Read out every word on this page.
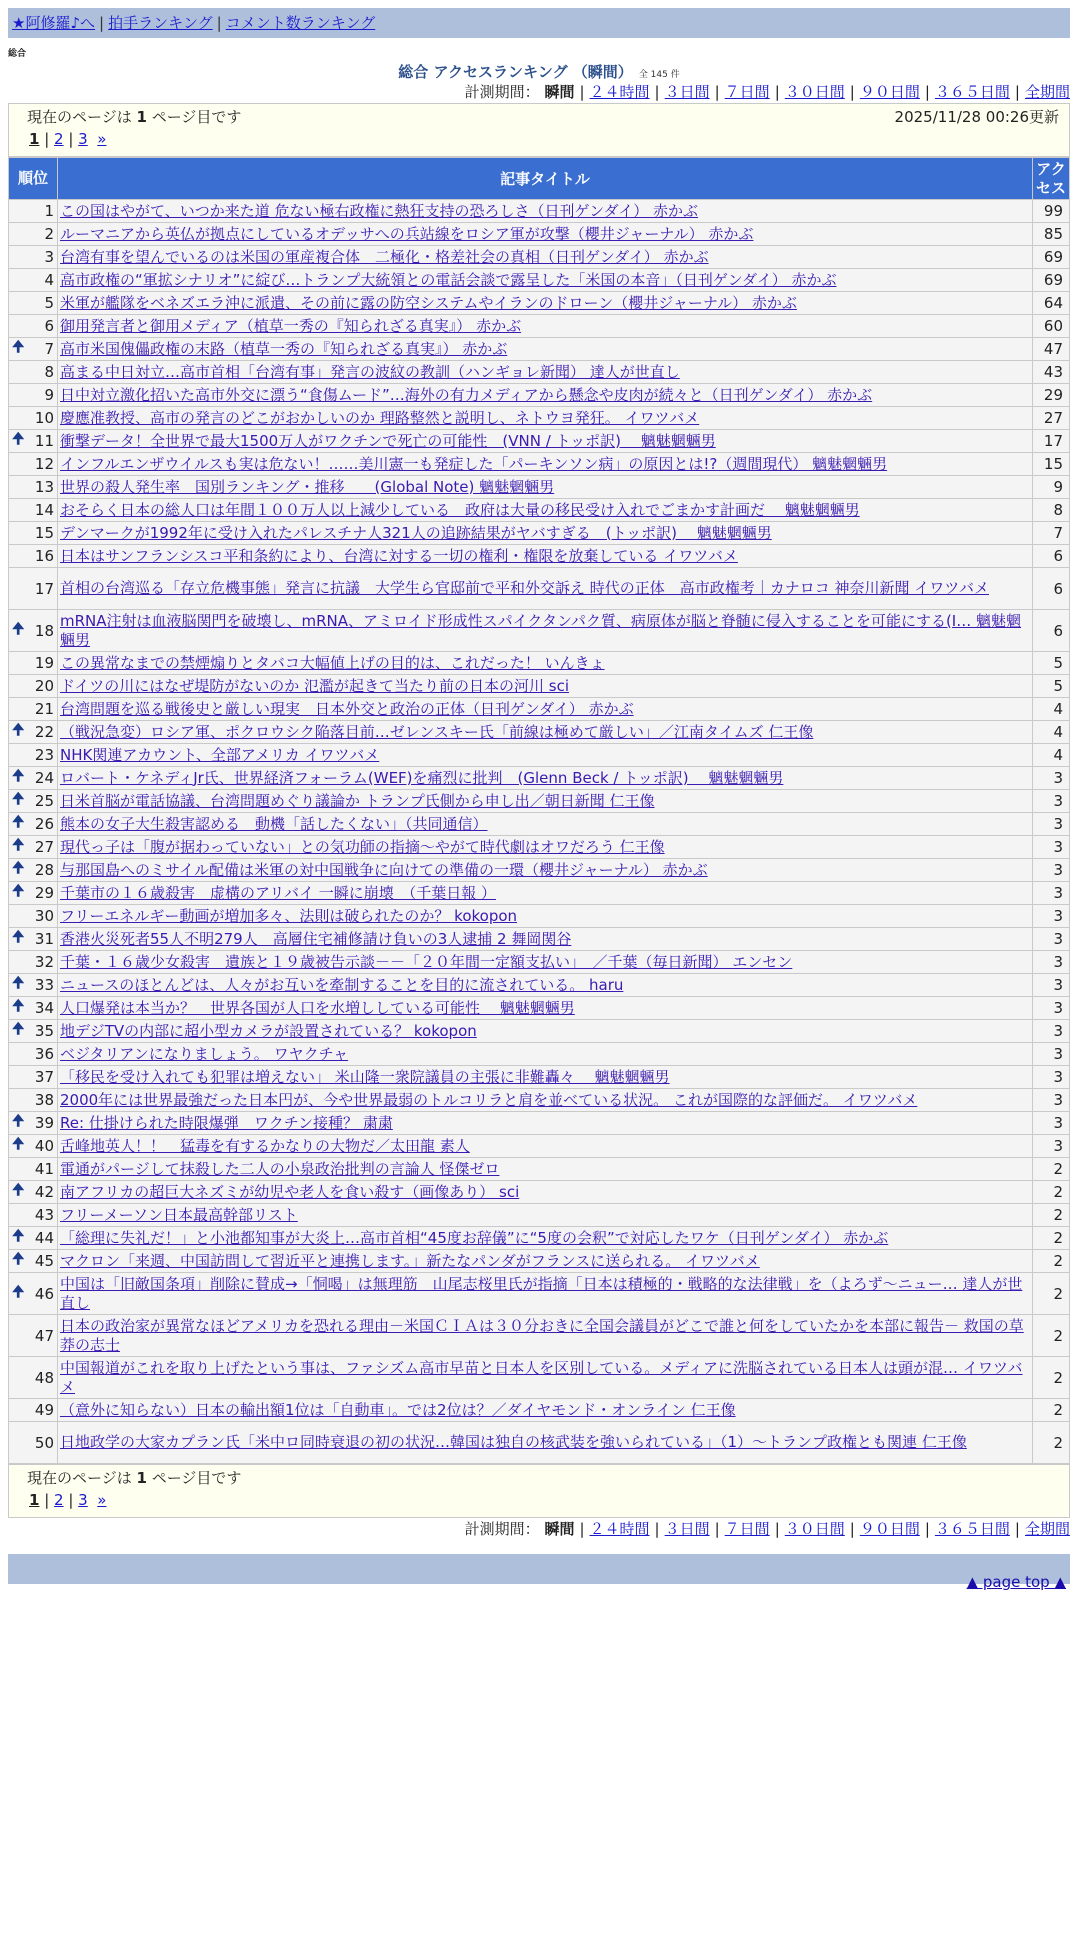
★阿修羅♪へ | 拍手ランキング | コメント数ランキング
総合
総合 アクセスランキング （瞬間） 全 145 件
計測期間： 瞬間 | ２４時間 | ３日間 | ７日間 | ３０日間 | ９０日間 | ３６５日間 | 全期間
現在のページは 1 ページ目です	2025/11/28 00:26更新
1 | 2 | 3 »
順位	記事タイトル	アクセス
1	この国はやがて、いつか来た道 危ない極右政権に熱狂支持の恐ろしさ（日刊ゲンダイ） 赤かぶ	99
2	ルーマニアから英仏が拠点にしているオデッサへの兵站線をロシア軍が攻撃（櫻井ジャーナル） 赤かぶ	85
3	台湾有事を望んでいるのは米国の軍産複合体　二極化・格差社会の真相（日刊ゲンダイ） 赤かぶ	69
4	高市政権の“軍拡シナリオ”に綻び…トランプ大統領との電話会談で露呈した「米国の本音」（日刊ゲンダイ） 赤かぶ	69
5	米軍が艦隊をベネズエラ沖に派遣、その前に露の防空システムやイランのドローン（櫻井ジャーナル） 赤かぶ	64
6	御用発言者と御用メディア（植草一秀の『知られざる真実』） 赤かぶ	60

🠉 7	高市米国傀儡政権の末路（植草一秀の『知られざる真実』） 赤かぶ	47
8	高まる中日対立…高市首相「台湾有事」発言の波紋の教訓（ハンギョレ新聞） 達人が世直し	43
9	日中対立激化招いた高市外交に漂う“食傷ムード”…海外の有力メディアから懸念や皮肉が続々と（日刊ゲンダイ） 赤かぶ	29
10	慶應准教授、高市の発言のどこがおかしいのか 理路整然と説明し、ネトウヨ発狂。 イワツバメ	27

🠉 11	衝撃データ！全世界で最大1500万人がワクチンで死亡の可能性　(VNN / トッポ訳)　 魑魅魍魎男	17
12	インフルエンザウイルスも実は危ない！……美川憲一も発症した「パーキンソン病」の原因とは!?（週間現代） 魑魅魍魎男	15
13	世界の殺人発生率　国別ランキング・推移　　(Global Note) 魑魅魍魎男	9
14	おそらく日本の総人口は年間１００万人以上減少している　政府は大量の移民受け入れでごまかす計画だ　 魑魅魍魎男	8
15	デンマークが1992年に受け入れたパレスチナ人321人の追跡結果がヤバすぎる　(トッポ訳)　 魑魅魍魎男	7
16	日本はサンフランシスコ平和条約により、台湾に対する一切の権利・権限を放棄している イワツバメ	6
17	首相の台湾巡る「存立危機事態」発言に抗議　大学生ら官邸前で平和外交訴え 時代の正体　高市政権考｜カナロコ 神奈川新聞 イワツバメ	6

🠉 18	mRNA注射は血液脳関門を破壊し、mRNA、アミロイド形成性スパイクタンパク質、病原体が脳と脊髄に侵入することを可能にする(I… 魑魅魍魎男	6
19	この異常なまでの禁煙煽りとタバコ大幅値上げの目的は、これだった！ いんきょ	5
20	ドイツの川にはなぜ堤防がないのか 氾濫が起きて当たり前の日本の河川 sci	5
21	台湾問題を巡る戦後史と厳しい現実　日本外交と政治の正体（日刊ゲンダイ） 赤かぶ	4

🠉 22	（戦況急変）ロシア軍、ポクロウシク陥落目前…ゼレンスキー氏「前線は極めて厳しい」／江南タイムズ 仁王像	4
23	NHK関連アカウント、全部アメリカ イワツバメ	4

🠉 24	ロバート・ケネディJr氏、世界経済フォーラム(WEF)を痛烈に批判　(Glenn Beck / トッポ訳)　 魑魅魍魎男	3

🠉 25	日米首脳が電話協議、台湾問題めぐり議論か トランプ氏側から申し出／朝日新聞 仁王像	3

🠉 26	熊本の女子大生殺害認める　動機「話したくない」（共同通信）	3

🠉 27	現代っ子は「腹が据わっていない」との気功師の指摘～やがて時代劇はオワだろう 仁王像	3

🠉 28	与那国島へのミサイル配備は米軍の対中国戦争に向けての準備の一環（櫻井ジャーナル） 赤かぶ	3

🠉 29	千葉市の１６歳殺害　虚構のアリバイ 一瞬に崩壊　（千葉日報 ）	3
30	フリーエネルギー動画が増加多々、法則は破られたのか？ kokopon	3

🠉 31	香港火災死者55人不明279人　高層住宅補修請け負いの3人逮捕 2 舞岡関谷	3
32	千葉・１６歳少女殺害　遺族と１９歳被告示談－－「２０年間一定額支払い」　／千葉（毎日新聞） エンセン	3

🠉 33	ニュースのほとんどは、人々がお互いを牽制することを目的に流されている。 haru	3

🠉 34	人口爆発は本当か？　世界各国が人口を水増ししている可能性　 魑魅魍魎男	3

🠉 35	地デジTVの内部に超小型カメラが設置されている？ kokopon	3
36	ベジタリアンになりましょう。 ワヤクチャ	3
37	「移民を受け入れても犯罪は増えない」 米山隆一衆院議員の主張に非難轟々　 魑魅魍魎男	3
38	2000年には世界最強だった日本円が、今や世界最弱のトルコリラと肩を並べている状況。 これが国際的な評価だ。 イワツバメ	3

🠉 39	Re: 仕掛けられた時限爆弾　ワクチン接種？ 粛粛	3

🠉 40	舌峰地英人！！　猛毒を有するかなりの大物だ／太田龍 素人	3
41	電通がパージして抹殺した二人の小泉政治批判の言論人 怪傑ゼロ	2

🠉 42	南アフリカの超巨大ネズミが幼児や老人を食い殺す（画像あり） sci	2
43	フリーメーソン日本最高幹部リスト	2

🠉 44	「総理に失礼だ！」と小池都知事が大炎上…高市首相“45度お辞儀”に“5度の会釈”で対応したワケ（日刊ゲンダイ） 赤かぶ	2

🠉 45	マクロン「来週、中国訪問して習近平と連携します。」新たなパンダがフランスに送られる。 イワツバメ	2

🠉 46	中国は「旧敵国条項」削除に賛成→「恫喝」は無理筋　山尾志桜里氏が指摘「日本は積極的・戦略的な法律戦」を（よろず～ニュー… 達人が世直し	2
47	日本の政治家が異常なほどアメリカを恐れる理由－米国ＣＩＡは３０分おきに全国会議員がどこで誰と何をしていたかを本部に報告－ 救国の草莽の志士	2
48	中国報道がこれを取り上げたという事は、ファシズム高市早苗と日本人を区別している。メディアに洗脳されている日本人は頭が混… イワツバメ	2
49	（意外に知らない）日本の輸出額1位は「自動車」。では2位は？／ダイヤモンド・オンライン 仁王像	2
50	日地政学の大家カプラン氏「米中ロ同時衰退の初の状況…韓国は独自の核武装を強いられている」（1）～トランプ政権とも関連 仁王像	2
現在のページは 1 ページ目です
1 | 2 | 3 »
計測期間： 瞬間 | ２４時間 | ３日間 | ７日間 | ３０日間 | ９０日間 | ３６５日間 | 全期間
▲ page top ▲
